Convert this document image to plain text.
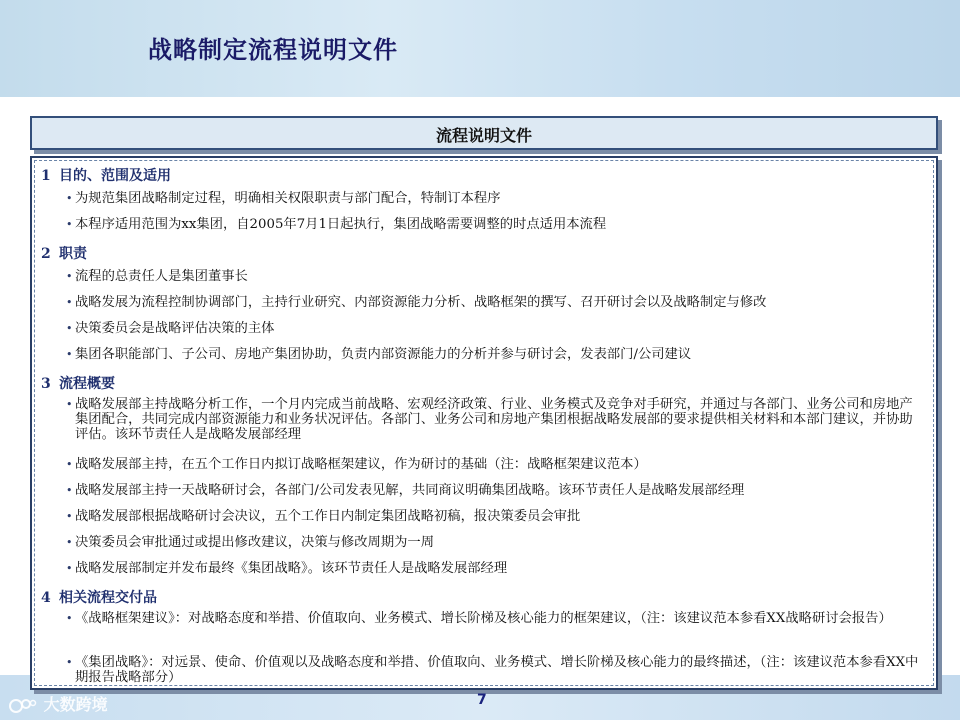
战略制定流程说明文件
流程说明文件
1 目的、范围及适用
• 为规范集团战略制定过程，明确相关权限职责与部门配合，特制订本程序
• 本程序适用范围为xx集团，自2005年7月1日起执行，集团战略需要调整的时点适用本流程
2 职责
• 流程的总责任人是集团董事长
• 战略发展为流程控制协调部门，主持行业研究、内部资源能力分析、战略框架的撰写、召开研讨会以及战略制定与修改
• 决策委员会是战略评估决策的主体
• 集团各职能部门、子公司、房地产集团协助，负责内部资源能力的分析并参与研讨会，发表部门/公司建议
3 流程概要
• 战略发展部主持战略分析工作，一个月内完成当前战略、宏观经济政策、行业、业务模式及竞争对手研究，并通过与各部门、业务公司和房地产集团配合，共同完成内部资源能力和业务状况评估。各部门、业务公司和房地产集团根据战略发展部的要求提供相关材料和本部门建议，并协助评估。该环节责任人是战略发展部经理
• 战略发展部主持，在五个工作日内拟订战略框架建议，作为研讨的基础（注：战略框架建议范本）
• 战略发展部主持一天战略研讨会，各部门/公司发表见解，共同商议明确集团战略。该环节责任人是战略发展部经理
• 战略发展部根据战略研讨会决议，五个工作日内制定集团战略初稿，报决策委员会审批
• 决策委员会审批通过或提出修改建议，决策与修改周期为一周
• 战略发展部制定并发布最终《集团战略》。该环节责任人是战略发展部经理
4 相关流程交付品
• 《战略框架建议》：对战略态度和举措、价值取向、业务模式、增长阶梯及核心能力的框架建议，（注：该建议范本参看XX战略研讨会报告）
• 《集团战略》：对远景、使命、价值观以及战略态度和举措、价值取向、业务模式、增长阶梯及核心能力的最终描述，（注：该建议范本参看XX中期报告战略部分）
7
大数跨境
